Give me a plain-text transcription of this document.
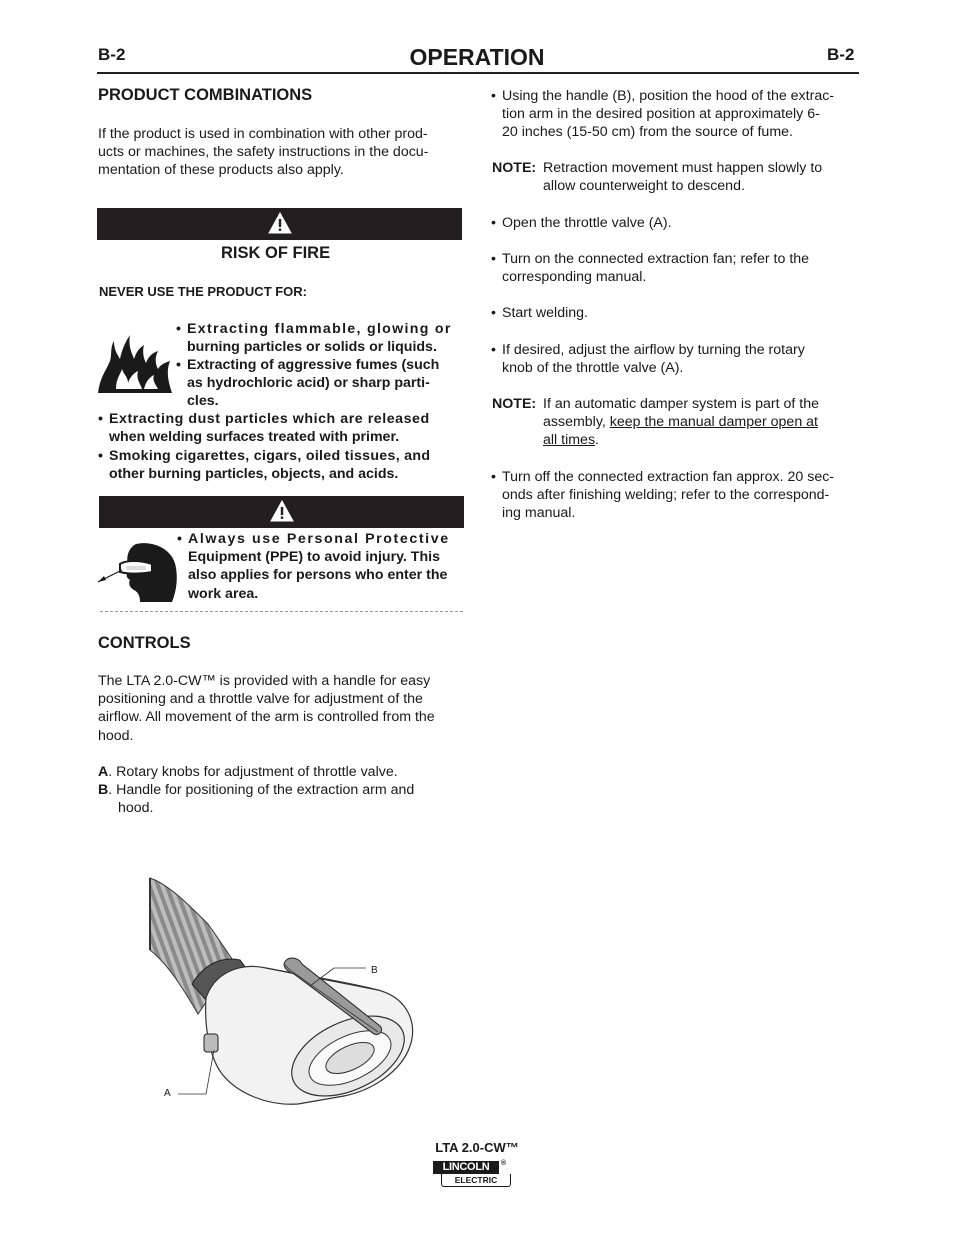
B-2	B-2
OPERATION
PRODUCT COMBINATIONS
If the product is used in combination with other prod-
ucts or machines, the safety instructions in the docu-
mentation of these products also apply.
RISK OF FIRE
NEVER USE THE PRODUCT FOR:
• Extracting flammable, glowing or
burning particles or solids or liquids.
• Extracting of aggressive fumes (such
as hydrochloric acid) or sharp parti-
cles.
• Extracting dust particles which are released
when welding surfaces treated with primer.
• Smoking cigarettes, cigars, oiled tissues, and
other burning particles, objects, and acids.
• Always use Personal Protective
Equipment (PPE) to avoid injury. This
also applies for persons who enter the
work area.
CONTROLS
The LTA 2.0-CW™ is provided with a handle for easy
positioning and a throttle valve for adjustment of the
airflow. All movement of the arm is controlled from the
hood.
A. Rotary knobs for adjustment of throttle valve.
B. Handle for positioning of the extraction arm and
hood.
B
A
• Using the handle (B), position the hood of the extrac-
tion arm in the desired position at approximately 6-
20 inches (15-50 cm) from the source of fume.
NOTE: Retraction movement must happen slowly to
allow counterweight to descend.
• Open the throttle valve (A).
• Turn on the connected extraction fan; refer to the
corresponding manual.
• Start welding.
• If desired, adjust the airflow by turning the rotary
knob of the throttle valve (A).
NOTE: If an automatic damper system is part of the
assembly, keep the manual damper open at
all times.
• Turn off the connected extraction fan approx. 20 sec-
onds after finishing welding; refer to the correspond-
ing manual.
LTA 2.0-CW™
LINCOLN	®
ELECTRIC
